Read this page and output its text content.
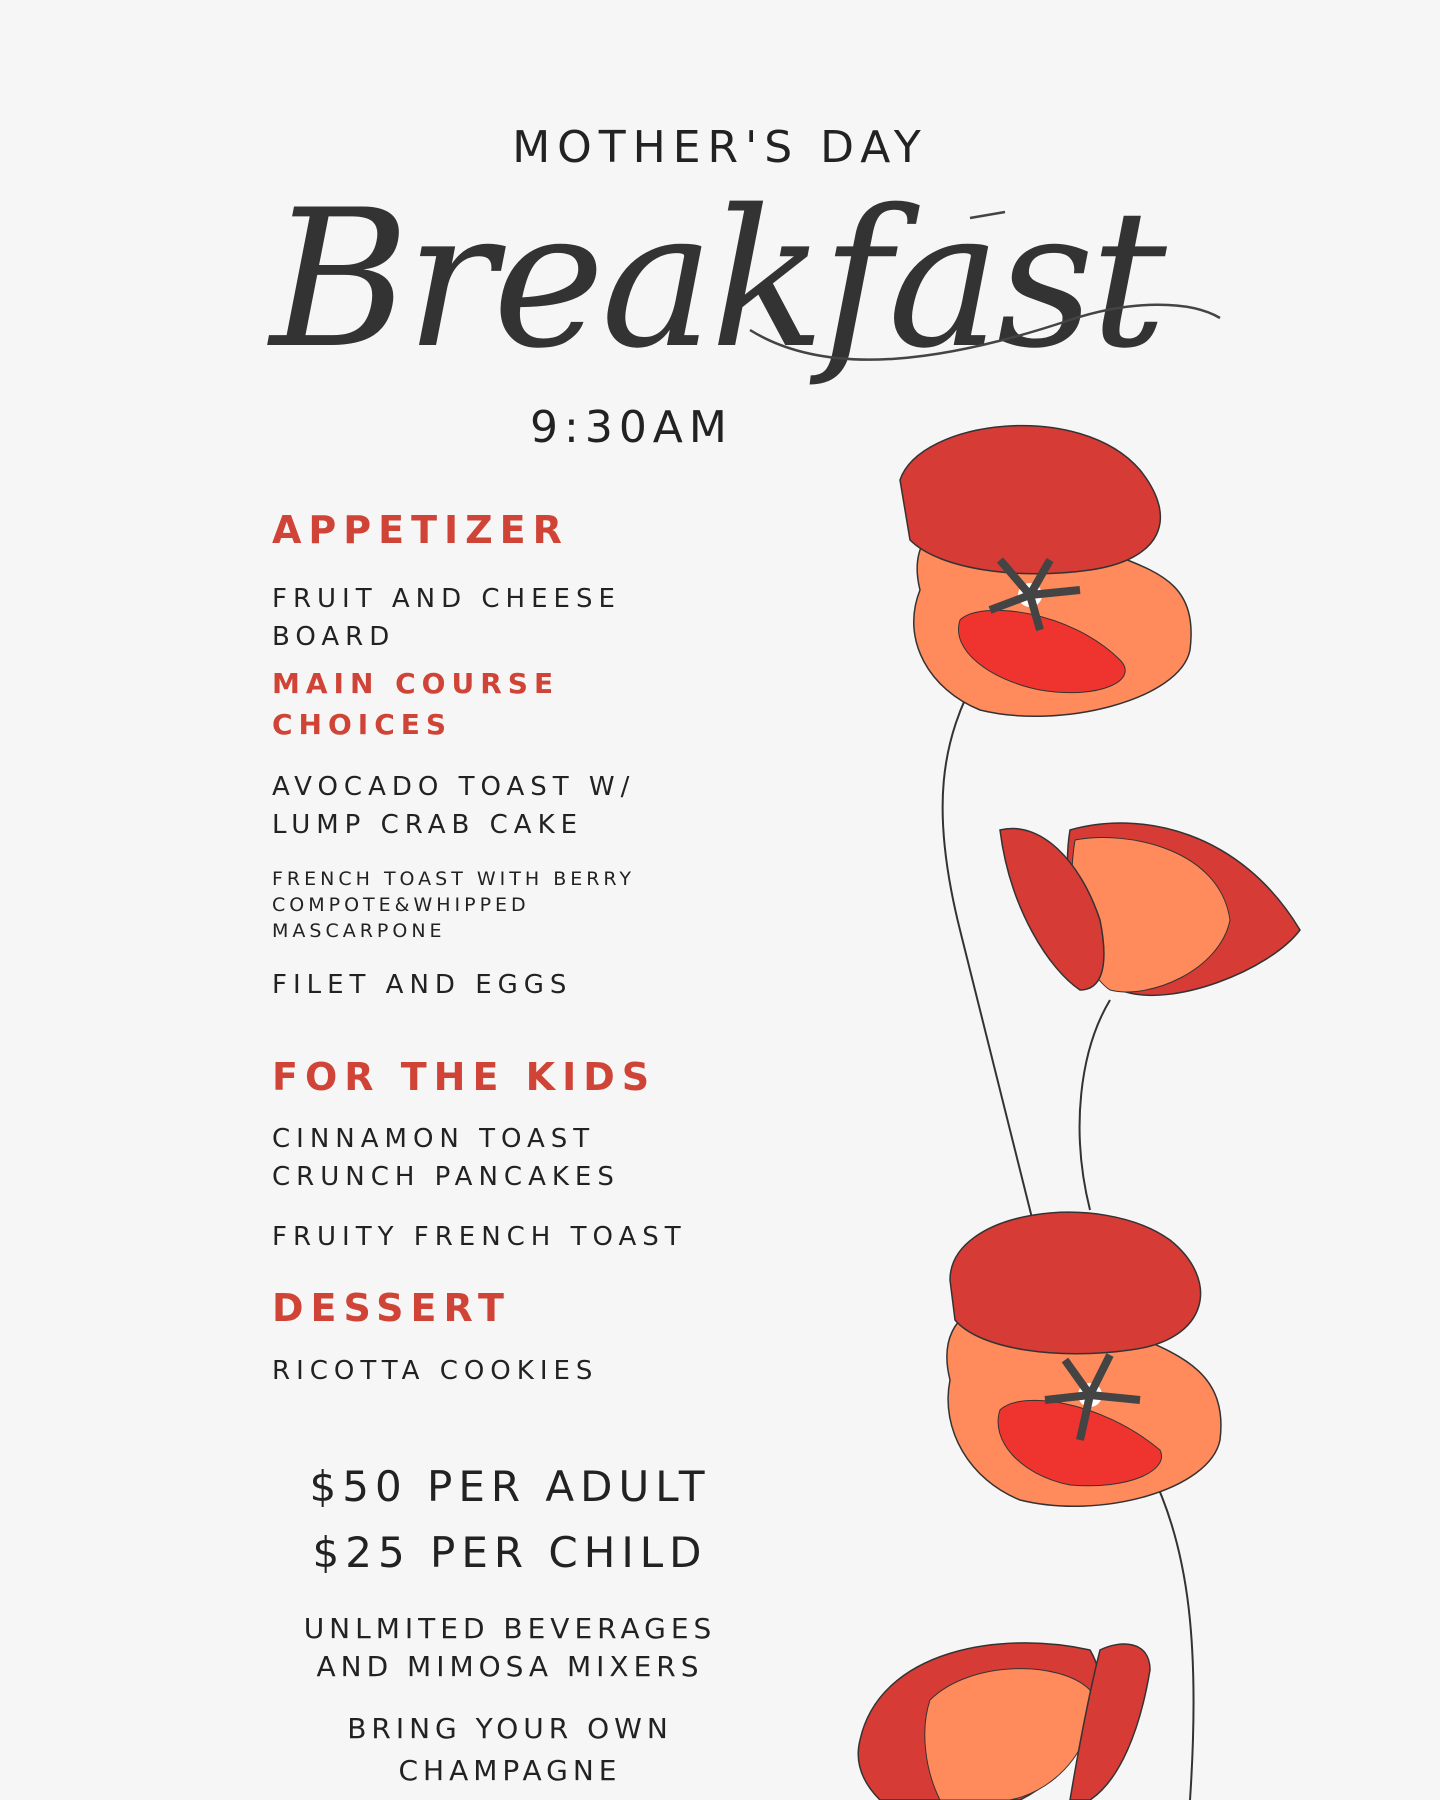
MOTHER'S DAY
Breakfast
9:30AM
APPETIZER
FRUIT AND CHEESE
BOARD
MAIN COURSE
CHOICES
AVOCADO TOAST W/
LUMP CRAB CAKE
FRENCH TOAST WITH BERRY
COMPOTE&WHIPPED
MASCARPONE
FILET AND EGGS
FOR THE KIDS
CINNAMON TOAST
CRUNCH PANCAKES
FRUITY FRENCH TOAST
DESSERT
RICOTTA COOKIES
$50 PER ADULT
$25 PER CHILD
UNLMITED BEVERAGES
AND MIMOSA MIXERS
BRING YOUR OWN
CHAMPAGNE
